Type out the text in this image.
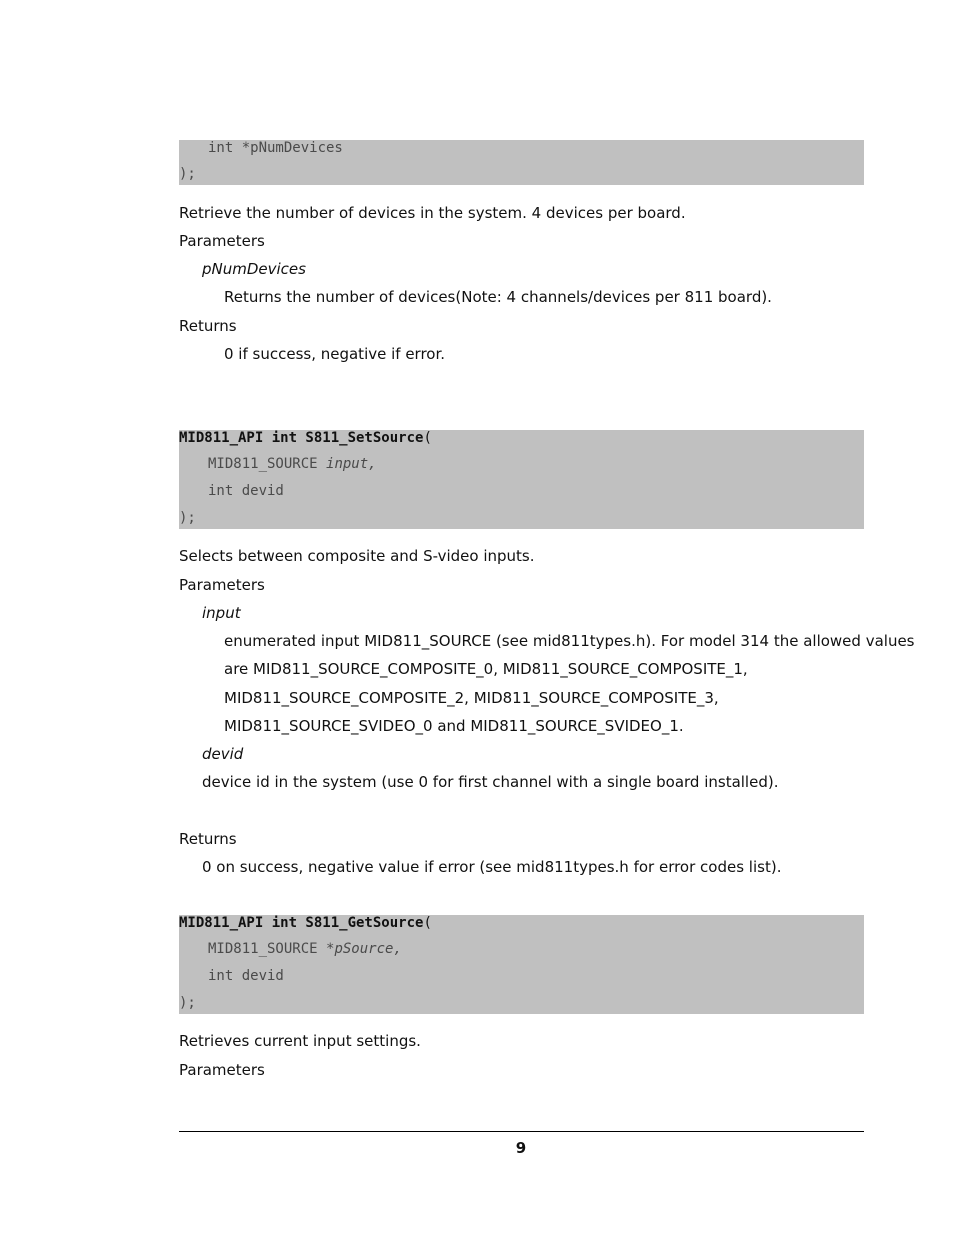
int *pNumDevices
);
Retrieve the number of devices in the system. 4 devices per board.
Parameters
pNumDevices
Returns the number of devices(Note: 4 channels/devices per 811 board).
Returns
0 if success, negative if error.
MID811_API int S811_SetSource(
MID811_SOURCE input,
int devid
);
Selects between composite and S-video inputs.
Parameters
input
enumerated input MID811_SOURCE (see mid811types.h). For model 314 the allowed values
are MID811_SOURCE_COMPOSITE_0, MID811_SOURCE_COMPOSITE_1,
MID811_SOURCE_COMPOSITE_2, MID811_SOURCE_COMPOSITE_3,
MID811_SOURCE_SVIDEO_0 and MID811_SOURCE_SVIDEO_1.
devid
device id in the system (use 0 for first channel with a single board installed).
Returns
0 on success, negative value if error (see mid811types.h for error codes list).
MID811_API int S811_GetSource(
MID811_SOURCE *pSource,
int devid
);
Retrieves current input settings.
Parameters
9
